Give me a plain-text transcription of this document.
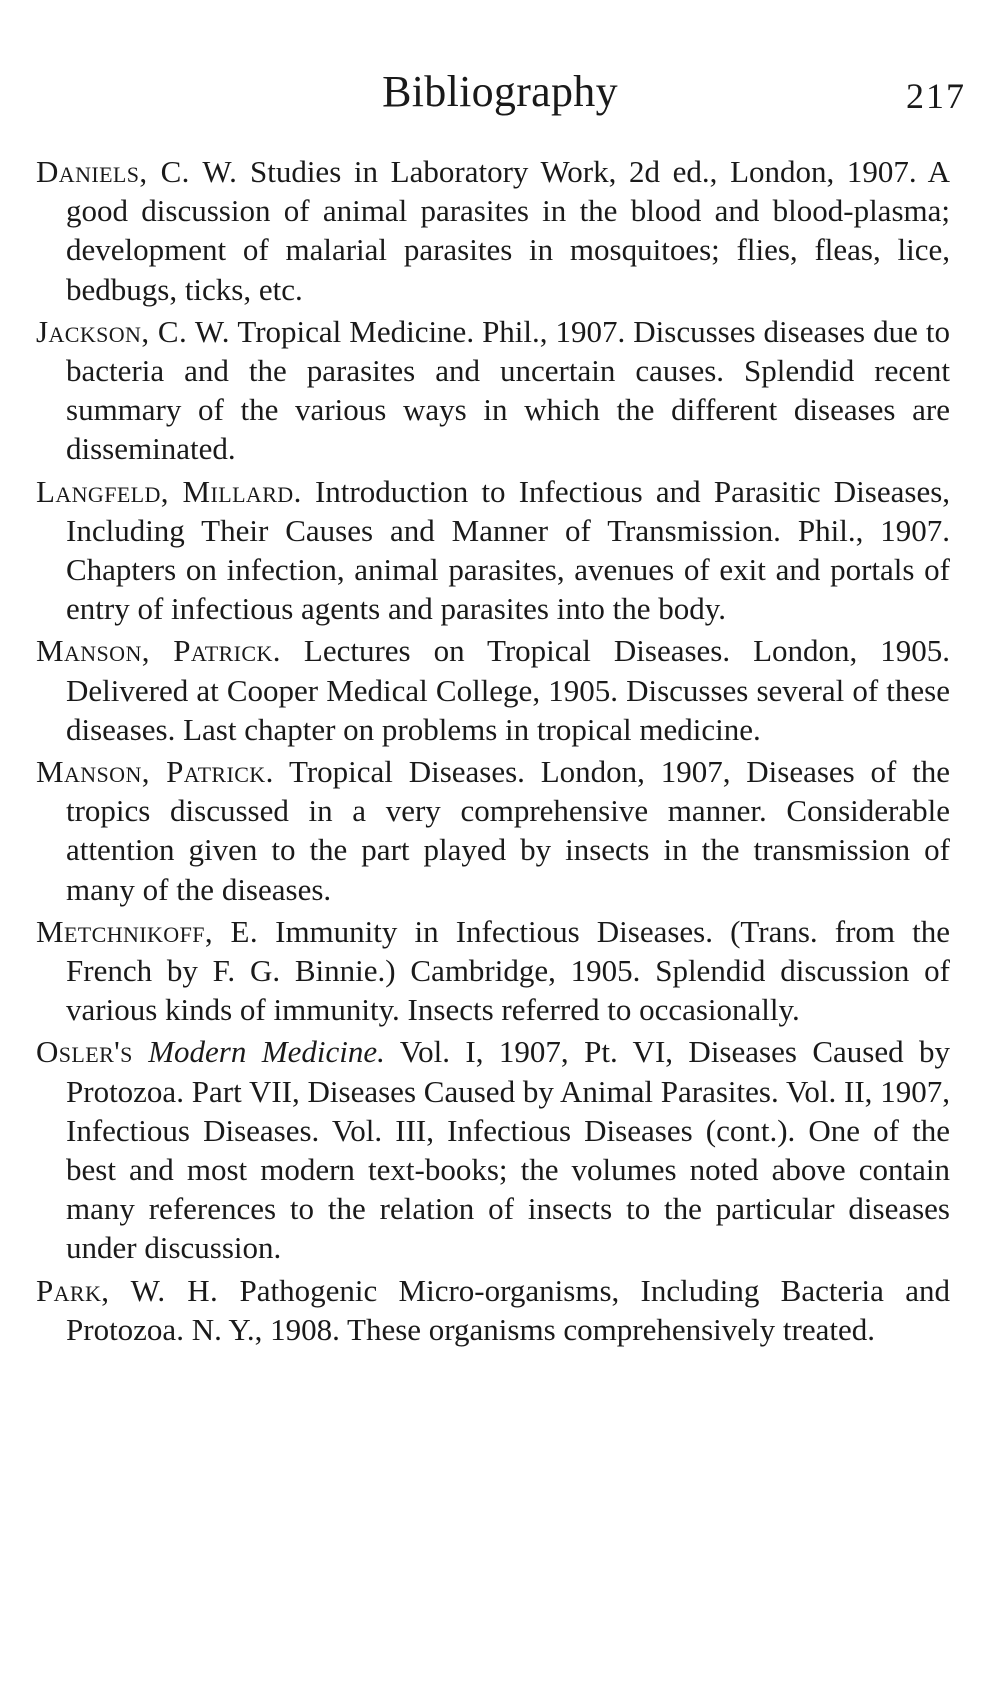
Bibliography	217

Daniels, C. W. Studies in Laboratory Work, 2d ed., London, 1907. A good discussion of animal parasites in the blood and blood-plasma; development of malarial parasites in mosquitoes; flies, fleas, lice, bedbugs, ticks, etc.

Jackson, C. W. Tropical Medicine. Phil., 1907. Discusses diseases due to bacteria and the parasites and uncertain causes. Splendid recent summary of the various ways in which the different diseases are disseminated.

Langfeld, Millard. Introduction to Infectious and Parasitic Diseases, Including Their Causes and Manner of Transmission. Phil., 1907. Chapters on infection, animal parasites, avenues of exit and portals of entry of infectious agents and parasites into the body.

Manson, Patrick. Lectures on Tropical Diseases. London, 1905. Delivered at Cooper Medical College, 1905. Discusses several of these diseases. Last chapter on problems in tropical medicine.

Manson, Patrick. Tropical Diseases. London, 1907, Diseases of the tropics discussed in a very comprehensive manner. Considerable attention given to the part played by insects in the transmission of many of the diseases.

Metchnikoff, E. Immunity in Infectious Diseases. (Trans. from the French by F. G. Binnie.) Cambridge, 1905. Splendid discussion of various kinds of immunity. Insects referred to occasionally.

Osler's Modern Medicine. Vol. I, 1907, Pt. VI, Diseases Caused by Protozoa. Part VII, Diseases Caused by Animal Parasites. Vol. II, 1907, Infectious Diseases. Vol. III, Infectious Diseases (cont.). One of the best and most modern text-books; the volumes noted above contain many references to the relation of insects to the particular diseases under discussion.

Park, W. H. Pathogenic Micro-organisms, Including Bacteria and Protozoa. N. Y., 1908. These organisms comprehensively treated.
